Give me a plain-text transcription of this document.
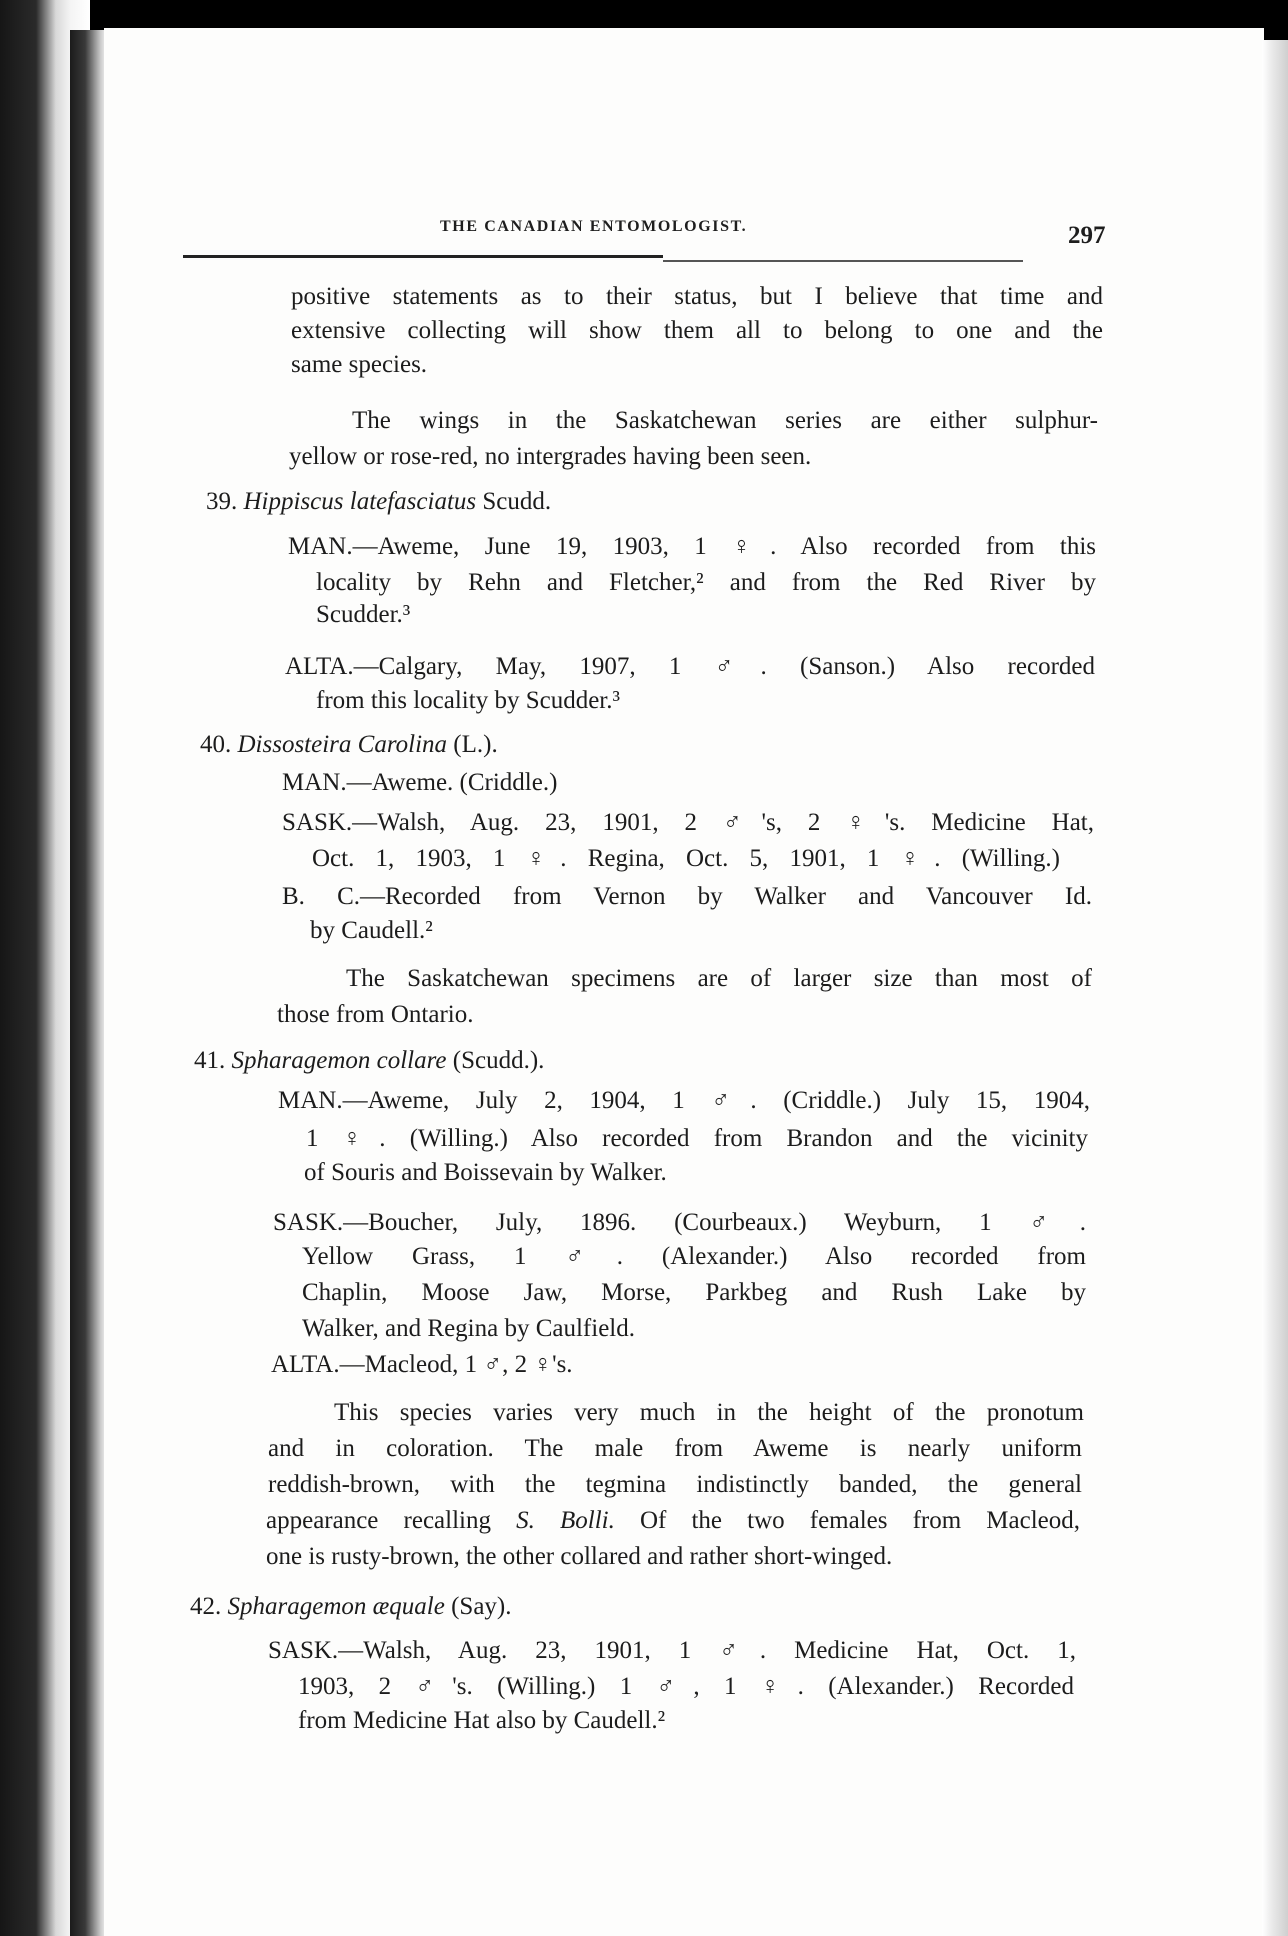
THE CANADIAN ENTOMOLOGIST.	297

positive statements as to their status, but I believe that time and

extensive collecting will show them all to belong to one and the

same species.

The wings in the Saskatchewan series are either sulphur-

yellow or rose-red, no intergrades having been seen.

39. Hippiscus latefasciatus Scudd.

MAN.—Aweme, June 19, 1903, 1 ♀. Also recorded from this

locality by Rehn and Fletcher,² and from the Red River by

Scudder.³

ALTA.—Calgary, May, 1907, 1 ♂. (Sanson.) Also recorded

from this locality by Scudder.³

40. Dissosteira Carolina (L.).

MAN.—Aweme. (Criddle.)

SASK.—Walsh, Aug. 23, 1901, 2 ♂'s, 2 ♀'s. Medicine Hat,

Oct. 1, 1903, 1 ♀. Regina, Oct. 5, 1901, 1 ♀. (Willing.)

B. C.—Recorded from Vernon by Walker and Vancouver Id.

by Caudell.²

The Saskatchewan specimens are of larger size than most of

those from Ontario.

41. Spharagemon collare (Scudd.).

MAN.—Aweme, July 2, 1904, 1 ♂. (Criddle.) July 15, 1904,

1 ♀. (Willing.) Also recorded from Brandon and the vicinity

of Souris and Boissevain by Walker.

SASK.—Boucher, July, 1896. (Courbeaux.) Weyburn, 1 ♂.

Yellow Grass, 1 ♂. (Alexander.) Also recorded from

Chaplin, Moose Jaw, Morse, Parkbeg and Rush Lake by

Walker, and Regina by Caulfield.

ALTA.—Macleod, 1 ♂, 2 ♀'s.

This species varies very much in the height of the pronotum

and in coloration. The male from Aweme is nearly uniform

reddish-brown, with the tegmina indistinctly banded, the general

appearance recalling S. Bolli. Of the two females from Macleod,

one is rusty-brown, the other collared and rather short-winged.

42. Spharagemon æquale (Say).

SASK.—Walsh, Aug. 23, 1901, 1 ♂. Medicine Hat, Oct. 1,

1903, 2 ♂'s. (Willing.) 1 ♂, 1 ♀. (Alexander.) Recorded

from Medicine Hat also by Caudell.²
